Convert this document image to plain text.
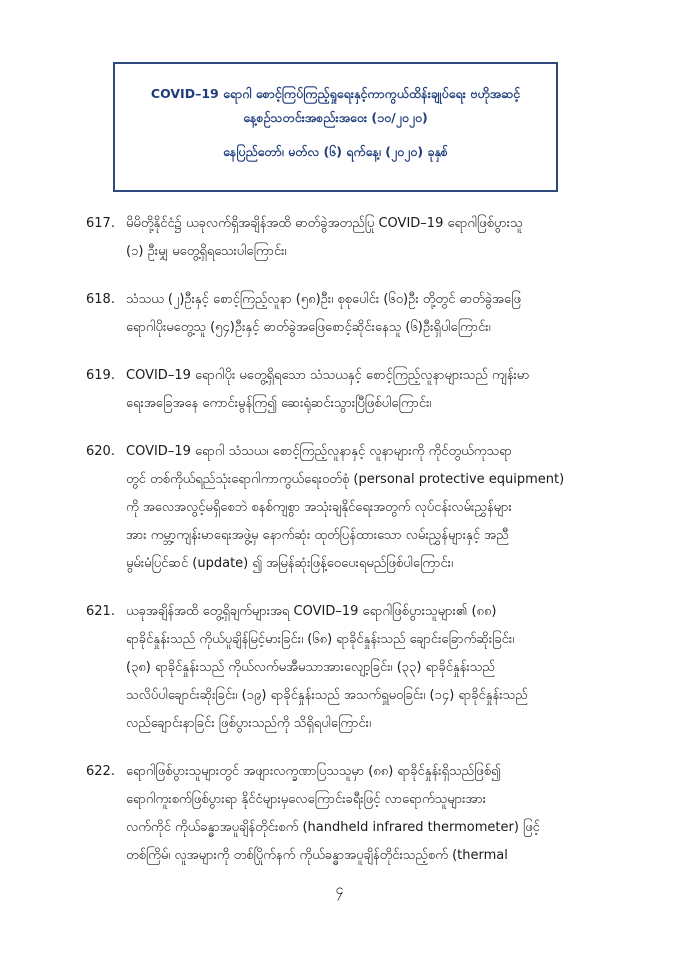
COVID–19 ရောဂါ စောင့်ကြပ်ကြည့်ရှုရေးနှင့်ကာကွယ်ထိန်းချုပ်ရေး ဗဟိုအဆင့်
နေ့စဉ်သတင်းအစည်းအဝေး (၁၀/၂၀၂၀)
နေပြည်တော်၊ မတ်လ (၆) ရက်နေ့၊ (၂၀၂၀) ခုနှစ်
617. မိမိတို့နိုင်ငံ၌ ယခုလက်ရှိအချိန်အထိ ဓာတ်ခွဲအတည်ပြု COVID–19 ရောဂါဖြစ်ပွားသူ
(၁) ဦးမျှ မတွေ့ရှိရသေးပါကြောင်း၊
618. သံသယ (၂)ဦးနှင့် စောင့်ကြည့်လူနာ (၅၈)ဦး၊ စုစုပေါင်း (၆၀)ဦး တို့တွင် ဓာတ်ခွဲအဖြေ
ရောဂါပိုးမတွေ့သူ (၅၄)ဦးနှင့် ဓာတ်ခွဲအဖြေစောင့်ဆိုင်းနေသူ (၆)ဦးရှိပါကြောင်း၊
619. COVID–19 ရောဂါပိုး မတွေ့ရှိရသော သံသယနှင့် စောင့်ကြည့်လူနာများသည် ကျန်းမာ
ရေးအခြေအနေ ကောင်းမွန်ကြ၍ ဆေးရုံဆင်းသွားပြီဖြစ်ပါကြောင်း၊
620. COVID–19 ရောဂါ သံသယ၊ စောင့်ကြည့်လူနာနှင့် လူနာများကို ကိုင်တွယ်ကုသရာ
တွင် တစ်ကိုယ်ရည်သုံးရောဂါကာကွယ်ရေးဝတ်စုံ (personal protective equipment)
ကို အလေအလွင့်မရှိစေဘဲ စနစ်ကျစွာ အသုံးချနိုင်ရေးအတွက် လုပ်ငန်းလမ်းညွှန်များ
အား ကမ္ဘာ့ကျန်းမာရေးအဖွဲ့မှ နောက်ဆုံး ထုတ်ပြန်ထားသော လမ်းညွှန်များနှင့် အညီ
မွမ်းမံပြင်ဆင် (update) ၍ အမြန်ဆုံးဖြန့်ဝေပေးရမည်ဖြစ်ပါကြောင်း၊
621. ယခုအချိန်အထိ တွေ့ရှိချက်များအရ COVID–19 ရောဂါဖြစ်ပွားသူများ၏ (၈၈)
ရာခိုင်နှုန်းသည် ကိုယ်ပူချိန်မြင့်မားခြင်း၊ (၆၈) ရာခိုင်နှုန်းသည် ချောင်းခြောက်ဆိုးခြင်း၊
(၃၈) ရာခိုင်နှုန်းသည် ကိုယ်လက်မအီမသာအားလျော့ခြင်း၊ (၃၃) ရာခိုင်နှုန်းသည်
သလိပ်ပါချောင်းဆိုးခြင်း၊ (၁၉) ရာခိုင်နှုန်းသည် အသက်ရှူမဝခြင်း၊ (၁၄) ရာခိုင်နှုန်းသည်
လည်ချောင်းနာခြင်း ဖြစ်ပွားသည်ကို သိရှိရပါကြောင်း၊
622. ရောဂါဖြစ်ပွားသူများတွင် အဖျားလက္ခဏာပြသသူမှာ (၈၈) ရာခိုင်နှုန်းရှိသည်ဖြစ်၍
ရောဂါကူးစက်ဖြစ်ပွားရာ နိုင်ငံများမှလေကြောင်းခရီးဖြင့် လာရောက်သူများအား
လက်ကိုင် ကိုယ်ခန္ဓာအပူချိန်တိုင်းစက် (handheld infrared thermometer) ဖြင့်
တစ်ကြိမ်၊ လူအများကို တစ်ပြိုက်နက် ကိုယ်ခန္ဓာအပူချိန်တိုင်းသည့်စက် (thermal
၄
